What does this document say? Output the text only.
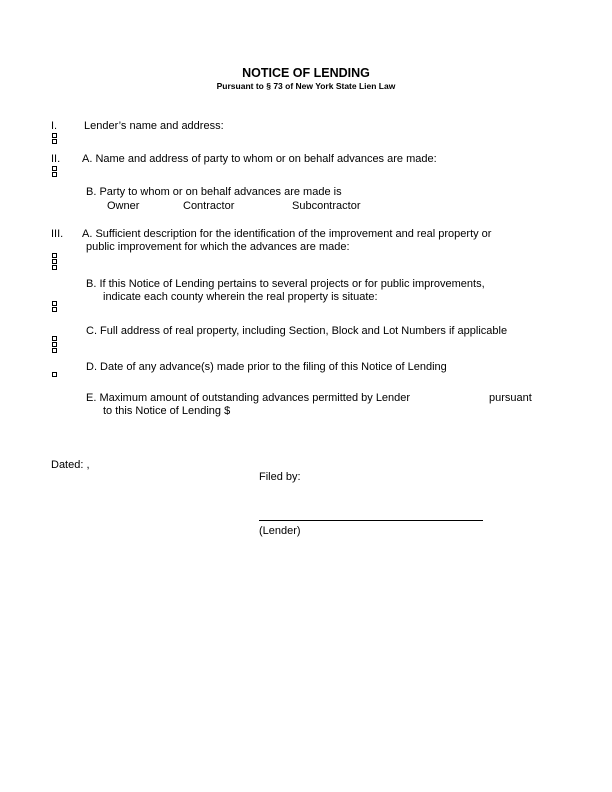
NOTICE OF LENDING
Pursuant to § 73 of New York State Lien Law
I. Lender’s name and address:
II. A. Name and address of party to whom or on behalf advances are made:
B. Party to whom or on behalf advances are made is
Owner	Contractor	Subcontractor
III. A. Sufficient description for the identification of the improvement and real property or
public improvement for which the advances are made:
B. If this Notice of Lending pertains to several projects or for public improvements,
indicate each county wherein the real property is situate:
C. Full address of real property, including Section, Block and Lot Numbers if applicable
D. Date of any advance(s) made prior to the filing of this Notice of Lending
E. Maximum amount of outstanding advances permitted by Lender	pursuant
to this Notice of Lending $
Dated: ,
Filed by:
(Lender)
